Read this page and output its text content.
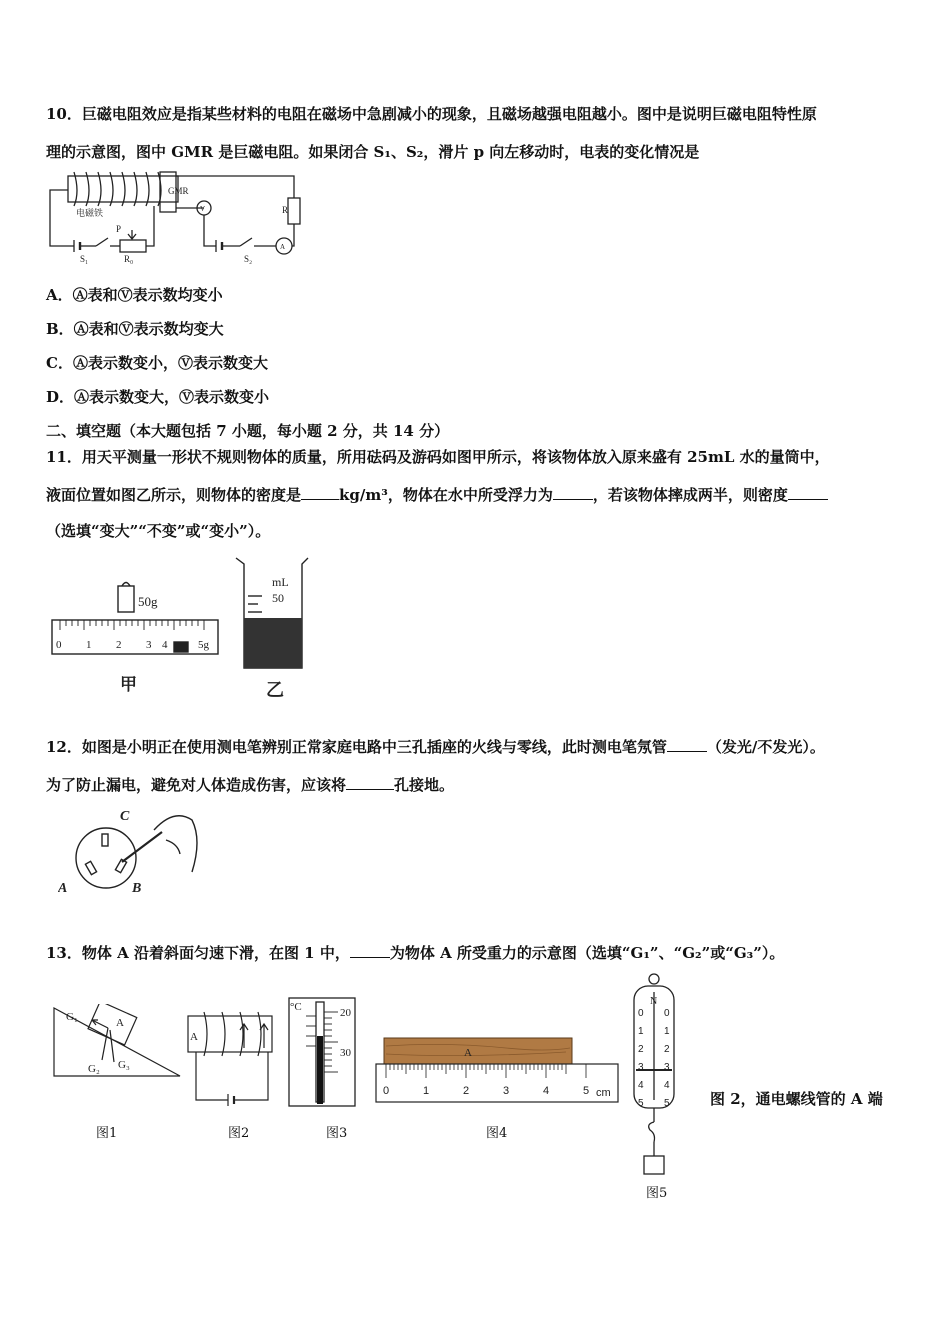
10．巨磁电阻效应是指某些材料的电阻在磁场中急剧减小的现象，且磁场越强电阻越小。图中是说明巨磁电阻特性原
理的示意图，图中 GMR 是巨磁电阻。如果闭合 S₁、S₂，滑片 p 向左移动时，电表的变化情况是
GMR
电磁铁	R
P
V
A
S₁	R₀	S₂
A．Ⓐ表和Ⓥ表示数均变小
B．Ⓐ表和Ⓥ表示数均变大
C．Ⓐ表示数变小，Ⓥ表示数变大
D．Ⓐ表示数变大，Ⓥ表示数变小
二、填空题（本大题包括 7 小题，每小题 2 分，共 14 分）
11．用天平测量一形状不规则物体的质量，所用砝码及游码如图甲所示，将该物体放入原来盛有 25mL 水的量筒中，
液面位置如图乙所示，则物体的密度是	kg/m³，物体在水中所受浮力为	，若该物体摔成两半，则密度
（选填“变大”“不变”或“变小”）。
50g
0 1 2 3 4	5g
甲
mL
50
乙
12．如图是小明正在使用测电笔辨别正常家庭电路中三孔插座的火线与零线，此时测电笔氖管	（发光/不发光）。
为了防止漏电，避免对人体造成伤害，应该将	孔接地。
C
A	B
13．物体 A 沿着斜面匀速下滑，在图 1 中，	为物体 A 所受重力的示意图（选填“G₁”、“G₂”或“G₃”）。
G₁	A
G₂ G₃
图1
A
图2
°C	20
30
图3
A
0	1	2	3	4	5 cm
图4
N
0
1
2
3
4
5
0
1
2
3
4
5
图5
图 2，通电螺线管的 A 端
